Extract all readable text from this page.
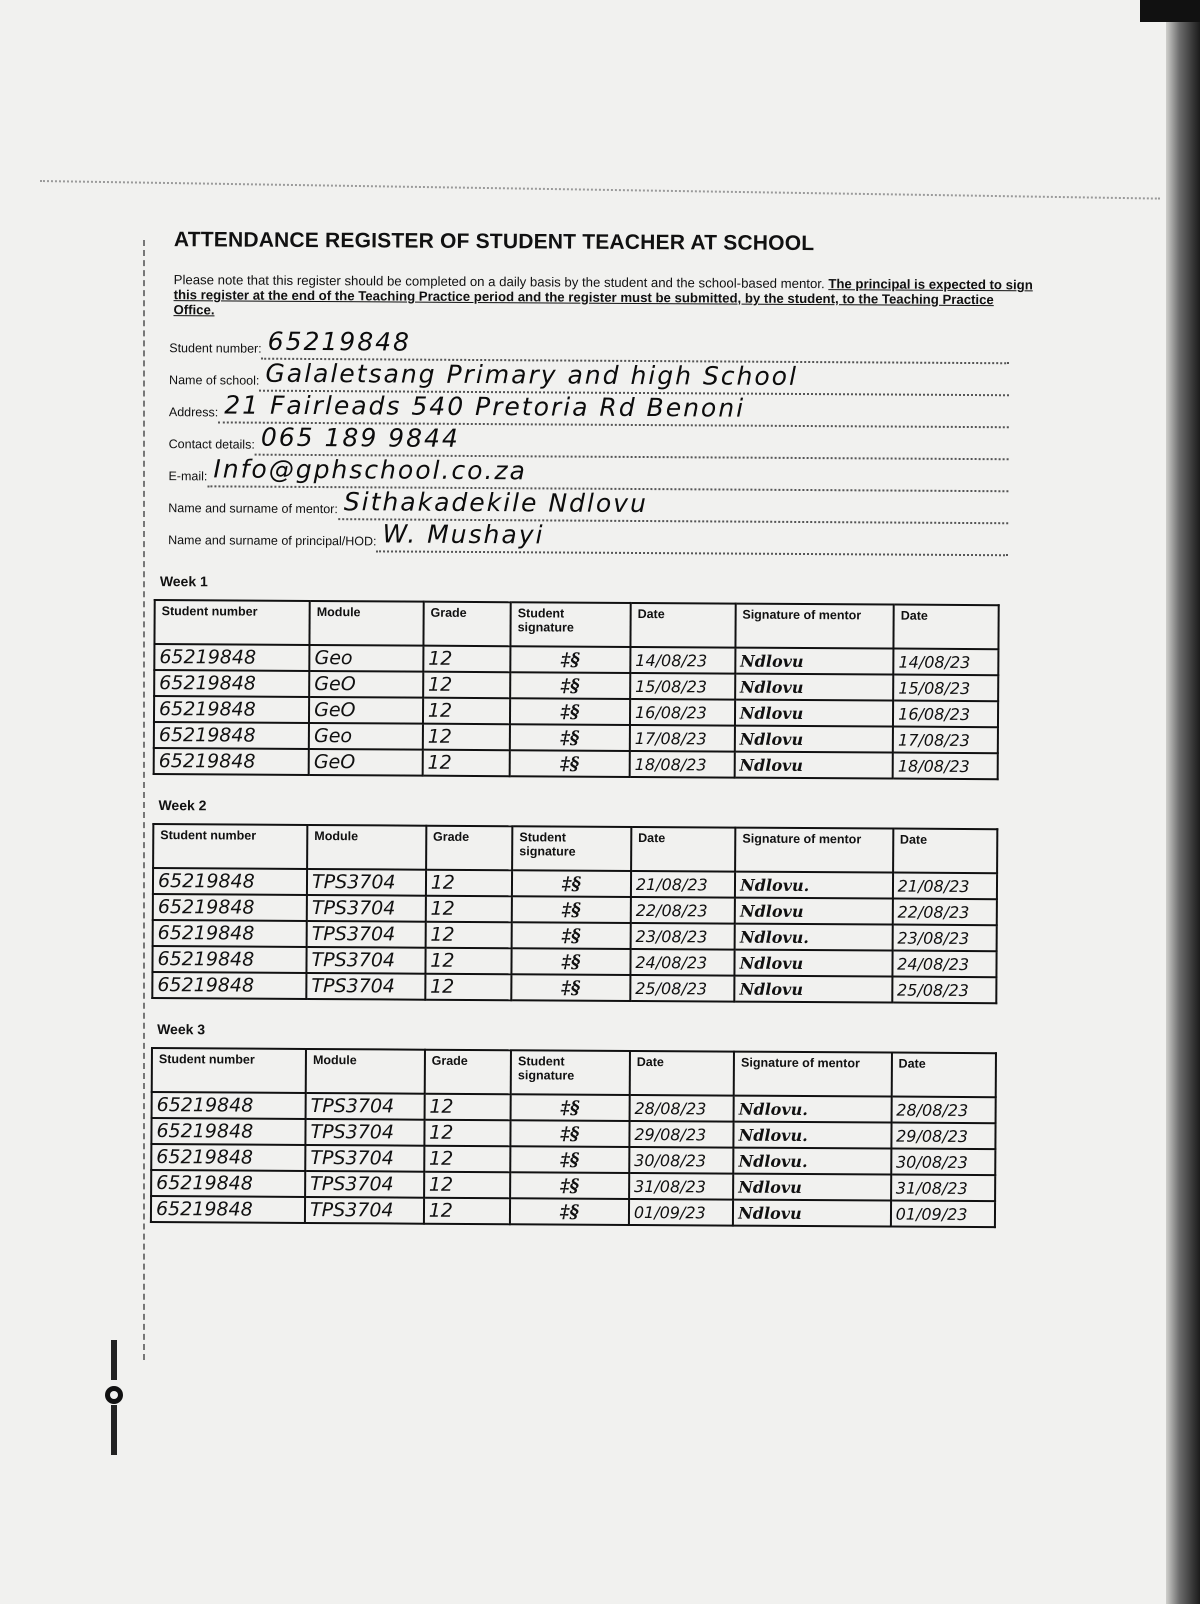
ATTENDANCE REGISTER OF STUDENT TEACHER AT SCHOOL

Please note that this register should be completed on a daily basis by the student and the school-based mentor. The principal is expected to sign this register at the end of the Teaching Practice period and the register must be submitted, by the student, to the Teaching Practice Office.

Student number: 65219848
Name of school: Galaletsang Primary and high School
Address: 21 Fairleads 540 Pretoria Rd Benoni
Contact details: 065 189 9844
E-mail: Info@gphschool.co.za
Name and surname of mentor: Sithakadekile Ndlovu
Name and surname of principal/HOD: W. Mushayi
Week 1
Student number	Module	Grade	Student signature	Date	Signature of mentor	Date
65219848	Geo	12	‡§	14/08/23	Ndlovu	14/08/23
65219848	GeO	12	‡§	15/08/23	Ndlovu	15/08/23
65219848	GeO	12	‡§	16/08/23	Ndlovu	16/08/23
65219848	Geo	12	‡§	17/08/23	Ndlovu	17/08/23
65219848	GeO	12	‡§	18/08/23	Ndlovu	18/08/23
Week 2
Student number	Module	Grade	Student signature	Date	Signature of mentor	Date
65219848	TPS3704	12	‡§	21/08/23	Ndlovu.	21/08/23
65219848	TPS3704	12	‡§	22/08/23	Ndlovu	22/08/23
65219848	TPS3704	12	‡§	23/08/23	Ndlovu.	23/08/23
65219848	TPS3704	12	‡§	24/08/23	Ndlovu	24/08/23
65219848	TPS3704	12	‡§	25/08/23	Ndlovu	25/08/23
Week 3
Student number	Module	Grade	Student signature	Date	Signature of mentor	Date
65219848	TPS3704	12	‡§	28/08/23	Ndlovu.	28/08/23
65219848	TPS3704	12	‡§	29/08/23	Ndlovu.	29/08/23
65219848	TPS3704	12	‡§	30/08/23	Ndlovu.	30/08/23
65219848	TPS3704	12	‡§	31/08/23	Ndlovu	31/08/23
65219848	TPS3704	12	‡§	01/09/23	Ndlovu	01/09/23
